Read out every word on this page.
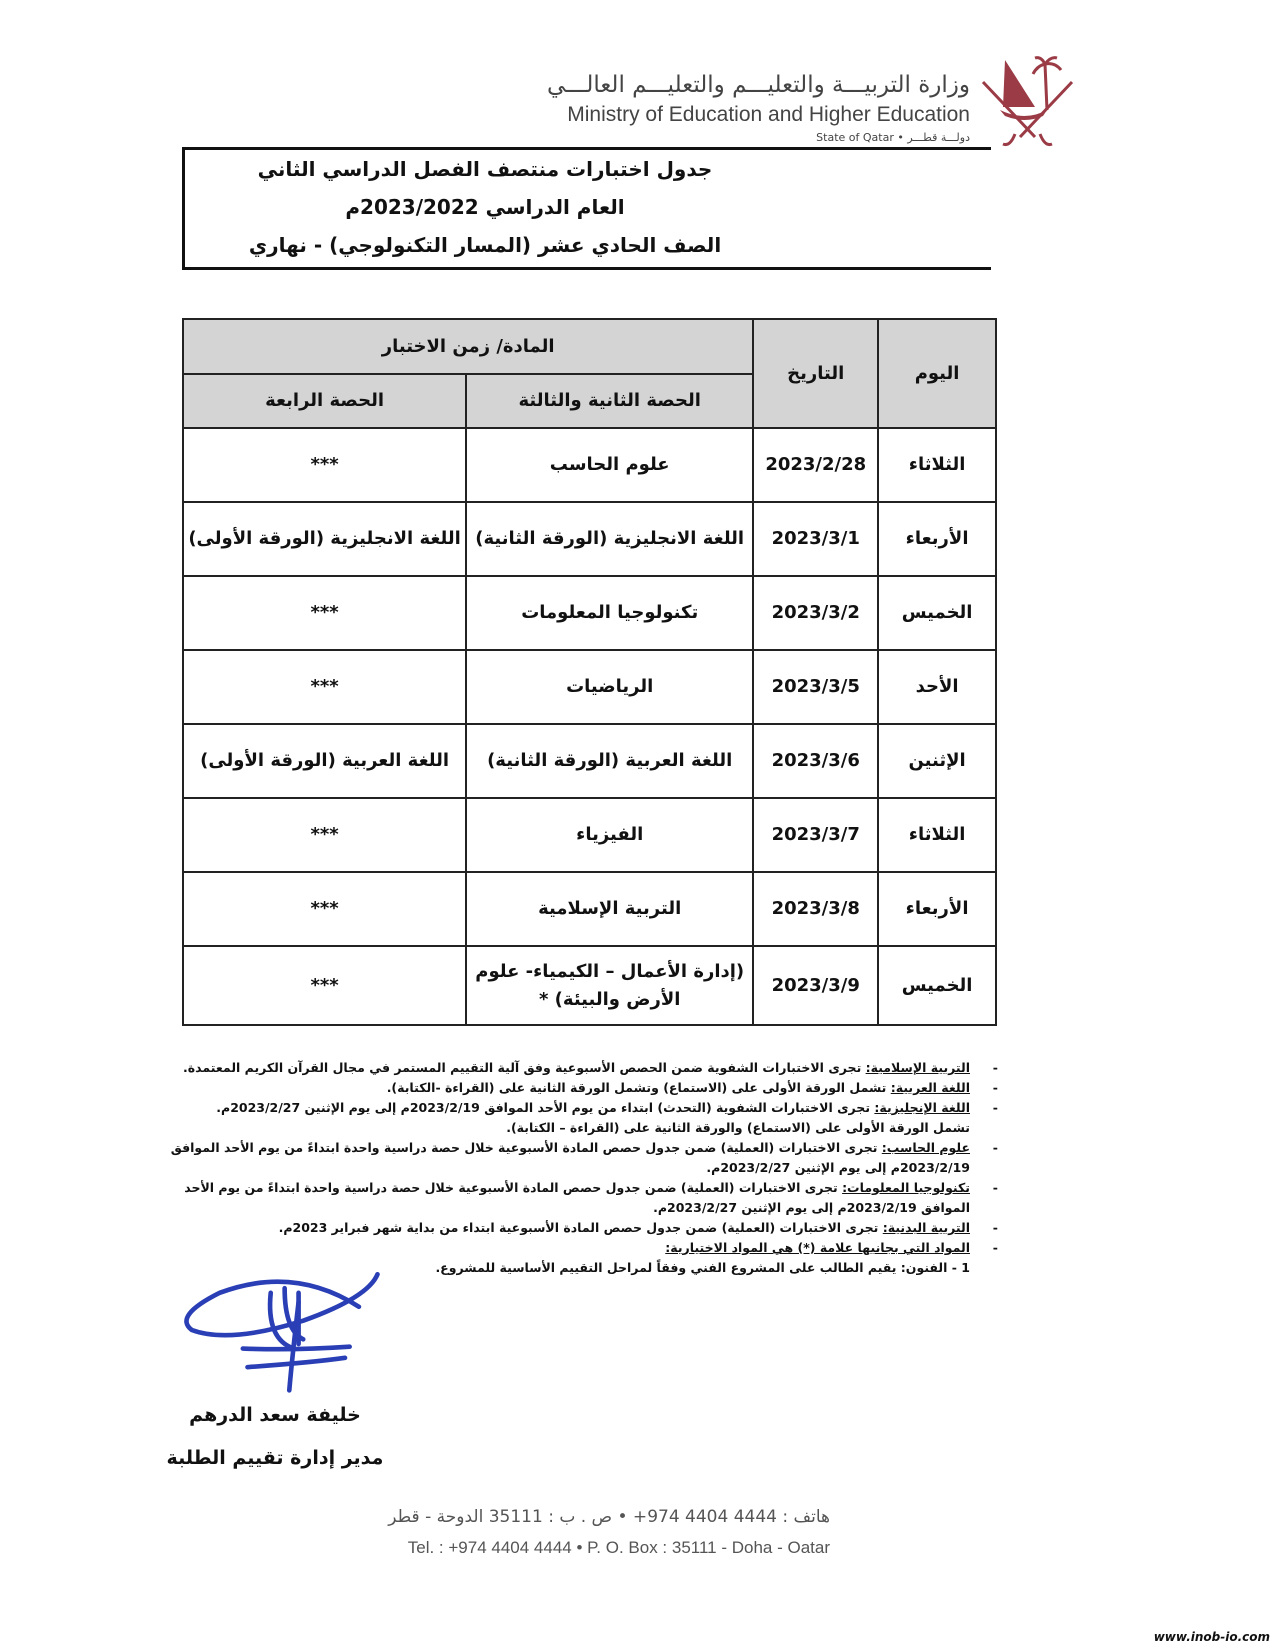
وزارة التربيـــة والتعليـــم والتعليـــم العالـــي
Ministry of Education and Higher Education
State of Qatar • دولـــة قطـــر
جدول اختبارات منتصف الفصل الدراسي الثاني
العام الدراسي 2023/2022م
الصف الحادي عشر (المسار التكنولوجي) - نهاري
اليوم	التاريخ	المادة/ زمن الاختبار	
		الحصة الثانية والثالثة	الحصة الرابعة
الثلاثاء	2023/2/28	علوم الحاسب	***
الأربعاء	2023/3/1	اللغة الانجليزية (الورقة الثانية)	اللغة الانجليزية (الورقة الأولى)
الخميس	2023/3/2	تكنولوجيا المعلومات	***
الأحد	2023/3/5	الرياضيات	***
الإثنين	2023/3/6	اللغة العربية (الورقة الثانية)	اللغة العربية (الورقة الأولى)
الثلاثاء	2023/3/7	الفيزياء	***
الأربعاء	2023/3/8	التربية الإسلامية	***
الخميس	2023/3/9	(إدارة الأعمال – الكيمياء- علوم الأرض والبيئة) *	***
- التربية الإسلامية: تجرى الاختبارات الشفوية ضمن الحصص الأسبوعية وفق آلية التقييم المستمر في مجال القرآن الكريم المعتمدة.
- اللغة العربية: تشمل الورقة الأولى على (الاستماع) وتشمل الورقة الثانية على (القراءة -الكتابة).
- اللغة الإنجليزية: تجرى الاختبارات الشفوية (التحدث) ابتداء من يوم الأحد الموافق 2023/2/19م إلى يوم الإثنين 2023/2/27م.
تشمل الورقة الأولى على (الاستماع) والورقة الثانية على (القراءة – الكتابة).
- علوم الحاسب: تجرى الاختبارات (العملية) ضمن جدول حصص المادة الأسبوعية خلال حصة دراسية واحدة ابتداءً من يوم الأحد الموافق 2023/2/19م إلى يوم الإثنين 2023/2/27م.
- تكنولوجيا المعلومات: تجرى الاختبارات (العملية) ضمن جدول حصص المادة الأسبوعية خلال حصة دراسية واحدة ابتداءً من يوم الأحد الموافق 2023/2/19م إلى يوم الإثنين 2023/2/27م.
- التربية البدنية: تجرى الاختبارات (العملية) ضمن جدول حصص المادة الأسبوعية ابتداء من بداية شهر فبراير 2023م.
- المواد التي بجانبها علامة (*) هي المواد الاختيارية:
1 - الفنون: يقيم الطالب على المشروع الفني وفقاً لمراحل التقييم الأساسية للمشروع.
خليفة سعد الدرهم
مدير إدارة تقييم الطلبة
هاتف : 4444 4404 974+ • ص . ب : 35111 الدوحة - قطر
Tel. : +974 4404 4444 • P. O. Box : 35111 - Doha - Oatar
www.inob-io.com
